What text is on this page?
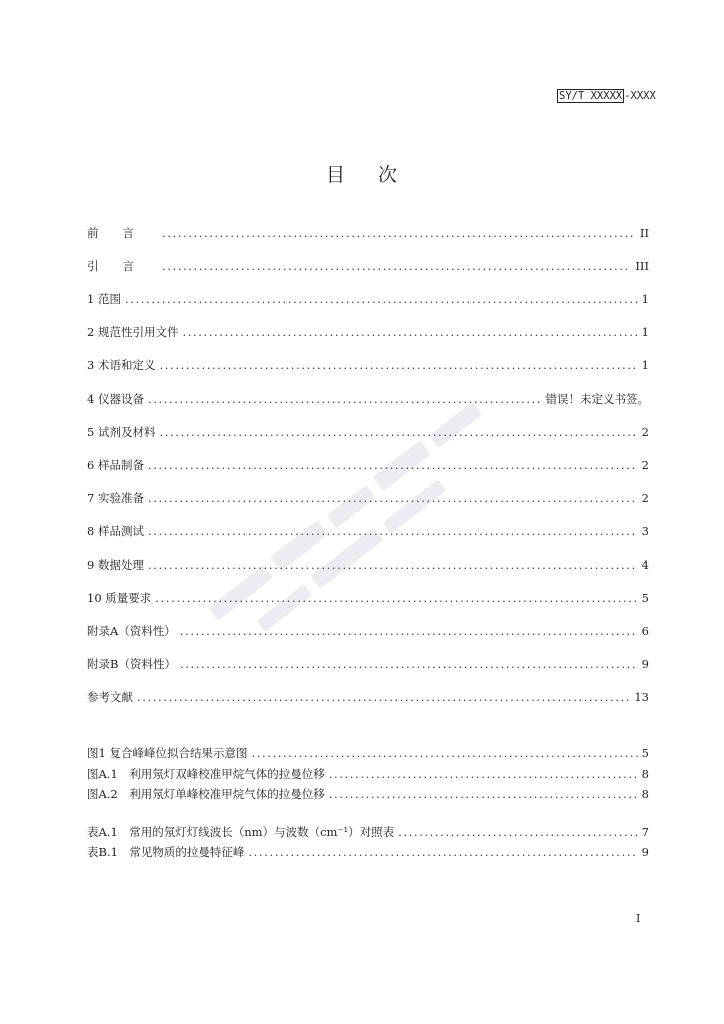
SY/T XXXXX -XXXX
目 次
前言 .....	II
引言 .....	III
1 范围 .....	1
2 规范性引用文件 .....	1
3 术语和定义 .....	1
4 仪器设备 .....	错误！未定义书签。
5 试剂及材料 .....	2
6 样品制备 .....	2
7 实验准备 .....	2
8 样品测试 .....	3
9 数据处理 .....	4
10 质量要求 .....	5
附录A（资料性） .....	6
附录B（资料性） .....	9
参考文献 .....	13
图1 复合峰峰位拟合结果示意图 .....	5
图A.1　利用氖灯双峰校准甲烷气体的拉曼位移 .....	8
图A.2　利用氖灯单峰校准甲烷气体的拉曼位移 .....	8
表A.1　常用的氖灯灯线波长（nm）与波数（cm⁻¹）对照表 .....	7
表B.1　常见物质的拉曼特征峰 .....	9
I
